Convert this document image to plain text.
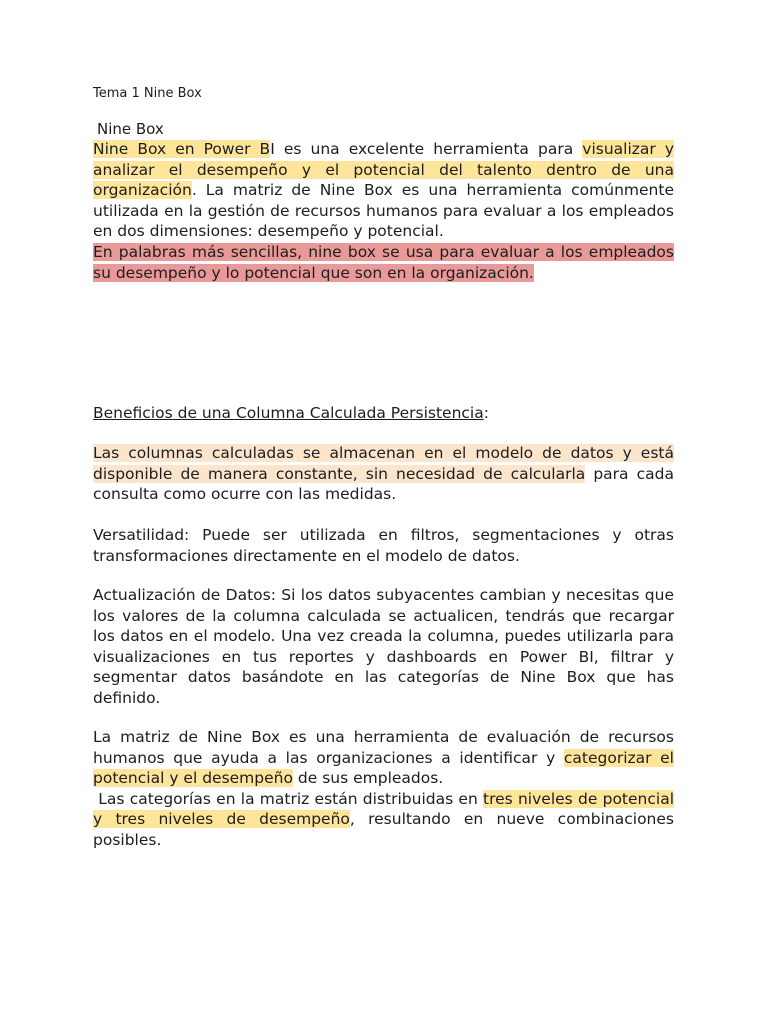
Tema 1 Nine Box
Nine Box

Nine Box en Power BI es una excelente herramienta para visualizar y analizar el desempeño y el potencial del talento dentro de una organización. La matriz de Nine Box es una herramienta comúnmente utilizada en la gestión de recursos humanos para evaluar a los empleados en dos dimensiones: desempeño y potencial.

En palabras más sencillas, nine box se usa para evaluar a los empleados su desempeño y lo potencial que son en la organización.

Beneficios de una Columna Calculada Persistencia:

Las columnas calculadas se almacenan en el modelo de datos y está disponible de manera constante, sin necesidad de calcularla para cada consulta como ocurre con las medidas.

Versatilidad: Puede ser utilizada en filtros, segmentaciones y otras transformaciones directamente en el modelo de datos.

Actualización de Datos: Si los datos subyacentes cambian y necesitas que los valores de la columna calculada se actualicen, tendrás que recargar los datos en el modelo. Una vez creada la columna, puedes utilizarla para visualizaciones en tus reportes y dashboards en Power BI, filtrar y segmentar datos basándote en las categorías de Nine Box que has definido.

La matriz de Nine Box es una herramienta de evaluación de recursos humanos que ayuda a las organizaciones a identificar y categorizar el potencial y el desempeño de sus empleados.

Las categorías en la matriz están distribuidas en tres niveles de potencial y tres niveles de desempeño, resultando en nueve combinaciones posibles.
